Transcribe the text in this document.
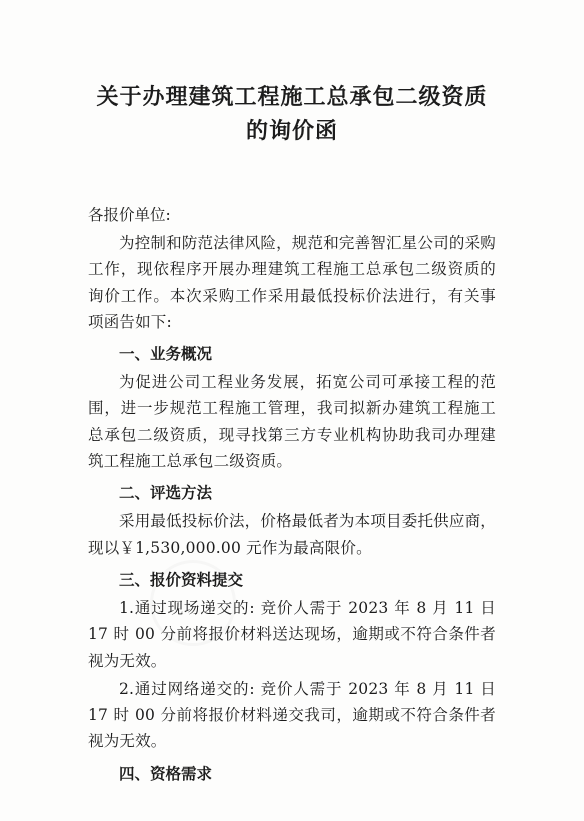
关于办理建筑工程施工总承包二级资质
的询价函
各报价单位:

为控制和防范法律风险，规范和完善智汇星公司的采购工作，现依程序开展办理建筑工程施工总承包二级资质的询价工作。本次采购工作采用最低投标价法进行，有关事项函告如下:

一、业务概况

为促进公司工程业务发展，拓宽公司可承接工程的范围，进一步规范工程施工管理，我司拟新办建筑工程施工总承包二级资质，现寻找第三方专业机构协助我司办理建筑工程施工总承包二级资质。

二、评选方法

采用最低投标价法，价格最低者为本项目委托供应商，现以￥1,530,000.00 元作为最高限价。

三、报价资料提交

1.通过现场递交的: 竞价人需于 2023 年 8 月 11 日 17 时 00 分前将报价材料送达现场，逾期或不符合条件者视为无效。

2.通过网络递交的: 竞价人需于 2023 年 8 月 11 日 17 时 00 分前将报价材料递交我司，逾期或不符合条件者视为无效。

四、资格需求
